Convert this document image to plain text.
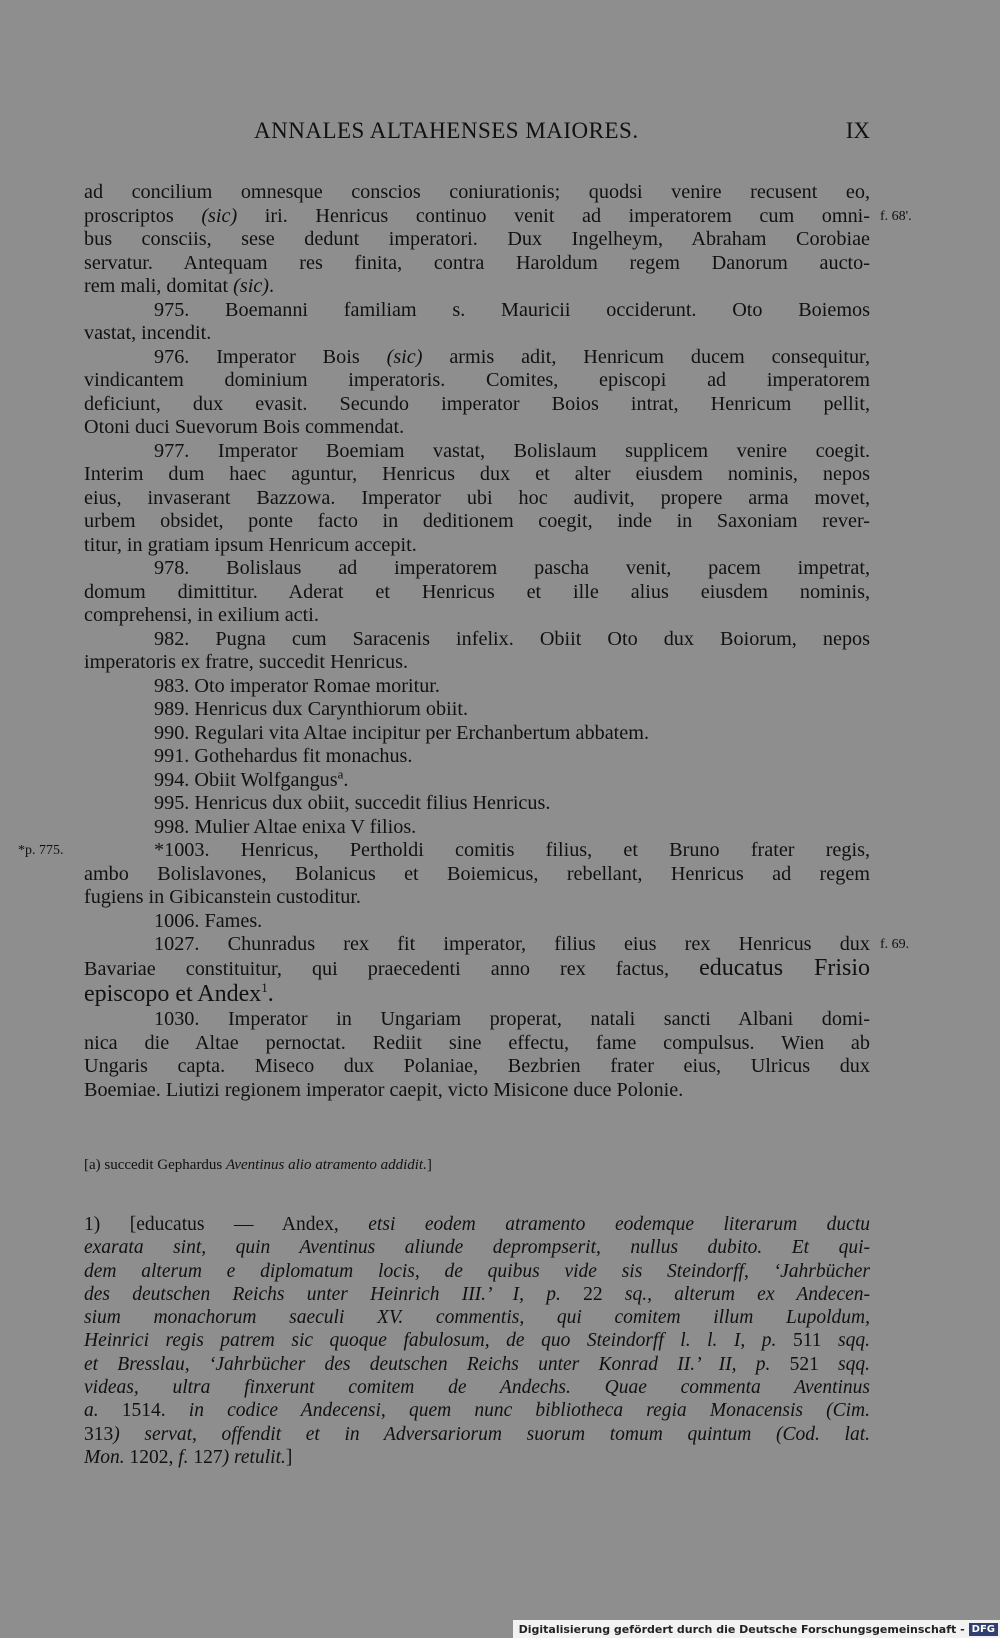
ANNALES ALTAHENSES MAIORES.	IX
ad concilium omnesque conscios coniurationis; quodsi venire recusent eo,
proscriptos (sic) iri. Henricus continuo venit ad imperatorem cum omni- f. 68'.
bus consciis, sese dedunt imperatori. Dux Ingelheym, Abraham Corobiae
servatur. Antequam res finita, contra Haroldum regem Danorum aucto-
rem mali, domitat (sic).
975. Boemanni familiam s. Mauricii occiderunt. Oto Boiemos
vastat, incendit.
976. Imperator Bois (sic) armis adit, Henricum ducem consequitur,
vindicantem dominium imperatoris. Comites, episcopi ad imperatorem
deficiunt, dux evasit. Secundo imperator Boios intrat, Henricum pellit,
Otoni duci Suevorum Bois commendat.
977. Imperator Boemiam vastat, Bolislaum supplicem venire coegit.
Interim dum haec aguntur, Henricus dux et alter eiusdem nominis, nepos
eius, invaserant Bazzowa. Imperator ubi hoc audivit, propere arma movet,
urbem obsidet, ponte facto in deditionem coegit, inde in Saxoniam rever-
titur, in gratiam ipsum Henricum accepit.
978. Bolislaus ad imperatorem pascha venit, pacem impetrat,
domum dimittitur. Aderat et Henricus et ille alius eiusdem nominis,
comprehensi, in exilium acti.
982. Pugna cum Saracenis infelix. Obiit Oto dux Boiorum, nepos
imperatoris ex fratre, succedit Henricus.
983. Oto imperator Romae moritur.
989. Henricus dux Carynthiorum obiit.
990. Regulari vita Altae incipitur per Erchanbertum abbatem.
991. Gothehardus fit monachus.
994. Obiit Wolfgangus$^a$.
995. Henricus dux obiit, succedit filius Henricus.
998. Mulier Altae enixa V filios.
*1003. Henricus, Pertholdi comitis filius, et Bruno frater regis,
*p. 775.
ambo Bolislavones, Bolanicus et Boiemicus, rebellant, Henricus ad regem
fugiens in Gibicanstein custoditur.
1006. Fames.
1027. Chunradus rex fit imperator, filius eius rex Henricus dux f. 69.
Bavariae constituitur, qui praecedenti anno rex factus, educatus Frisio
episcopo et Andex$^1$.
1030. Imperator in Ungariam properat, natali sancti Albani domi-
nica die Altae pernoctat. Rediit sine effectu, fame compulsus. Wien ab
Ungaris capta. Miseco dux Polaniae, Bezbrien frater eius, Ulricus dux
Boemiae. Liutizi regionem imperator caepit, victo Misicone duce Polonie.
[a) succedit Gephardus Aventinus alio atramento addidit.]
1) [educatus — Andex, etsi eodem atramento eodemque literarum ductu
exarata sint, quin Aventinus aliunde deprompserit, nullus dubito. Et qui-
dem alterum e diplomatum locis, de quibus vide sis Steindorff, ‘Jahrbücher
des deutschen Reichs unter Heinrich III.’ I, p. 22 sq., alterum ex Andecen-
sium monachorum saeculi XV. commentis, qui comitem illum Lupoldum,
Heinrici regis patrem sic quoque fabulosum, de quo Steindorff l. l. I, p. 511 sqq.
et Bresslau, ‘Jahrbücher des deutschen Reichs unter Konrad II.’ II, p. 521 sqq.
videas, ultra finxerunt comitem de Andechs. Quae commenta Aventinus
a. 1514. in codice Andecensi, quem nunc bibliotheca regia Monacensis (Cim.
313) servat, offendit et in Adversariorum suorum tomum quintum (Cod. lat.
Mon. 1202, f. 127) retulit.]
Digitalisierung gefördert durch die Deutsche Forschungsgemeinschaft - DFG
